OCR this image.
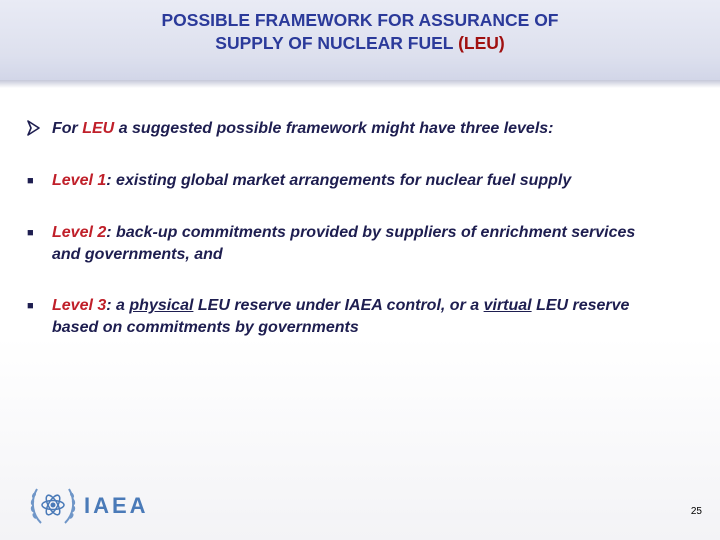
POSSIBLE FRAMEWORK FOR ASSURANCE OF
SUPPLY OF NUCLEAR FUEL (LEU)
For LEU a suggested possible framework might have three levels:
■	Level 1: existing global market arrangements for nuclear fuel supply
■	Level 2: back-up commitments provided by suppliers of enrichment services and governments, and
■	Level 3: a physical LEU reserve under IAEA control, or a virtual LEU reserve based on commitments by governments
IAEA	25
